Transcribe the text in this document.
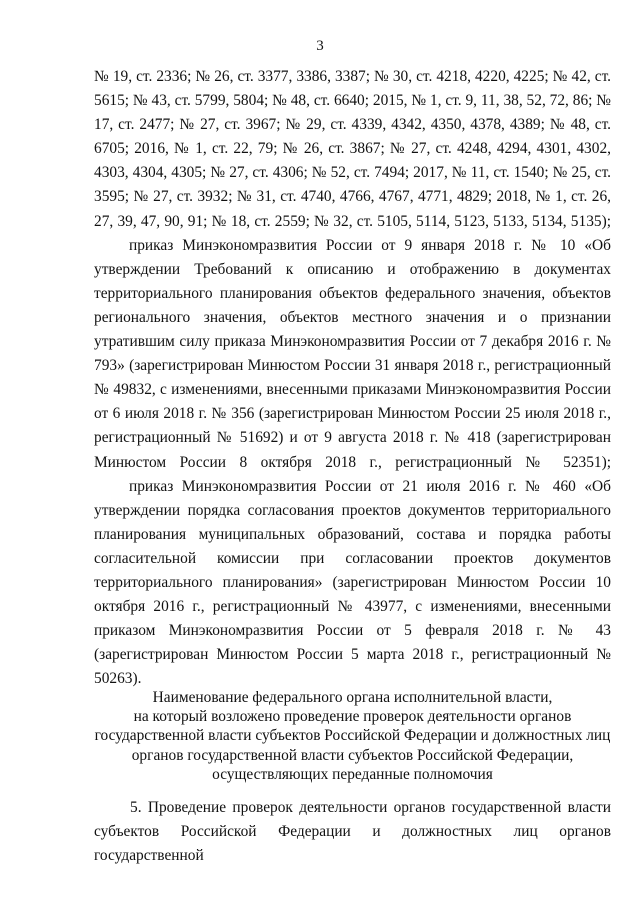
3

№ 19, ст. 2336; № 26, ст. 3377, 3386, 3387; № 30, ст. 4218, 4220, 4225; № 42, ст. 5615; № 43, ст. 5799, 5804; № 48, ст. 6640; 2015, № 1, ст. 9, 11, 38, 52, 72, 86; № 17, ст. 2477; № 27, ст. 3967; № 29, ст. 4339, 4342, 4350, 4378, 4389; № 48, ст. 6705; 2016, № 1, ст. 22, 79; № 26, ст. 3867; № 27, ст. 4248, 4294, 4301, 4302, 4303, 4304, 4305; № 27, ст. 4306; № 52, ст. 7494; 2017, № 11, ст. 1540; № 25, ст. 3595; № 27, ст. 3932; № 31, ст. 4740, 4766, 4767, 4771, 4829; 2018, № 1, ст. 26, 27, 39, 47, 90, 91; № 18, ст. 2559; № 32, ст. 5105, 5114, 5123, 5133, 5134, 5135);

приказ Минэкономразвития России от 9 января 2018 г. № 10 «Об утверждении Требований к описанию и отображению в документах территориального планирования объектов федерального значения, объектов регионального значения, объектов местного значения и о признании утратившим силу приказа Минэкономразвития России от 7 декабря 2016 г. № 793» (зарегистрирован Минюстом России 31 января 2018 г., регистрационный № 49832, с изменениями, внесенными приказами Минэкономразвития России от 6 июля 2018 г. № 356 (зарегистрирован Минюстом России 25 июля 2018 г., регистрационный № 51692) и от 9 августа 2018 г. № 418 (зарегистрирован Минюстом России 8 октября 2018 г., регистрационный № 52351);

приказ Минэкономразвития России от 21 июля 2016 г. № 460 «Об утверждении порядка согласования проектов документов территориального планирования муниципальных образований, состава и порядка работы согласительной комиссии при согласовании проектов документов территориального планирования» (зарегистрирован Минюстом России 10 октября 2016 г., регистрационный № 43977, с изменениями, внесенными приказом Минэкономразвития России от 5 февраля 2018 г. № 43 (зарегистрирован Минюстом России 5 марта 2018 г., регистрационный № 50263).

Наименование федерального органа исполнительной власти,
на который возложено проведение проверок деятельности органов
государственной власти субъектов Российской Федерации и должностных лиц
органов государственной власти субъектов Российской Федерации,
осуществляющих переданные полномочия

5. Проведение проверок деятельности органов государственной власти субъектов Российской Федерации и должностных лиц органов государственной
